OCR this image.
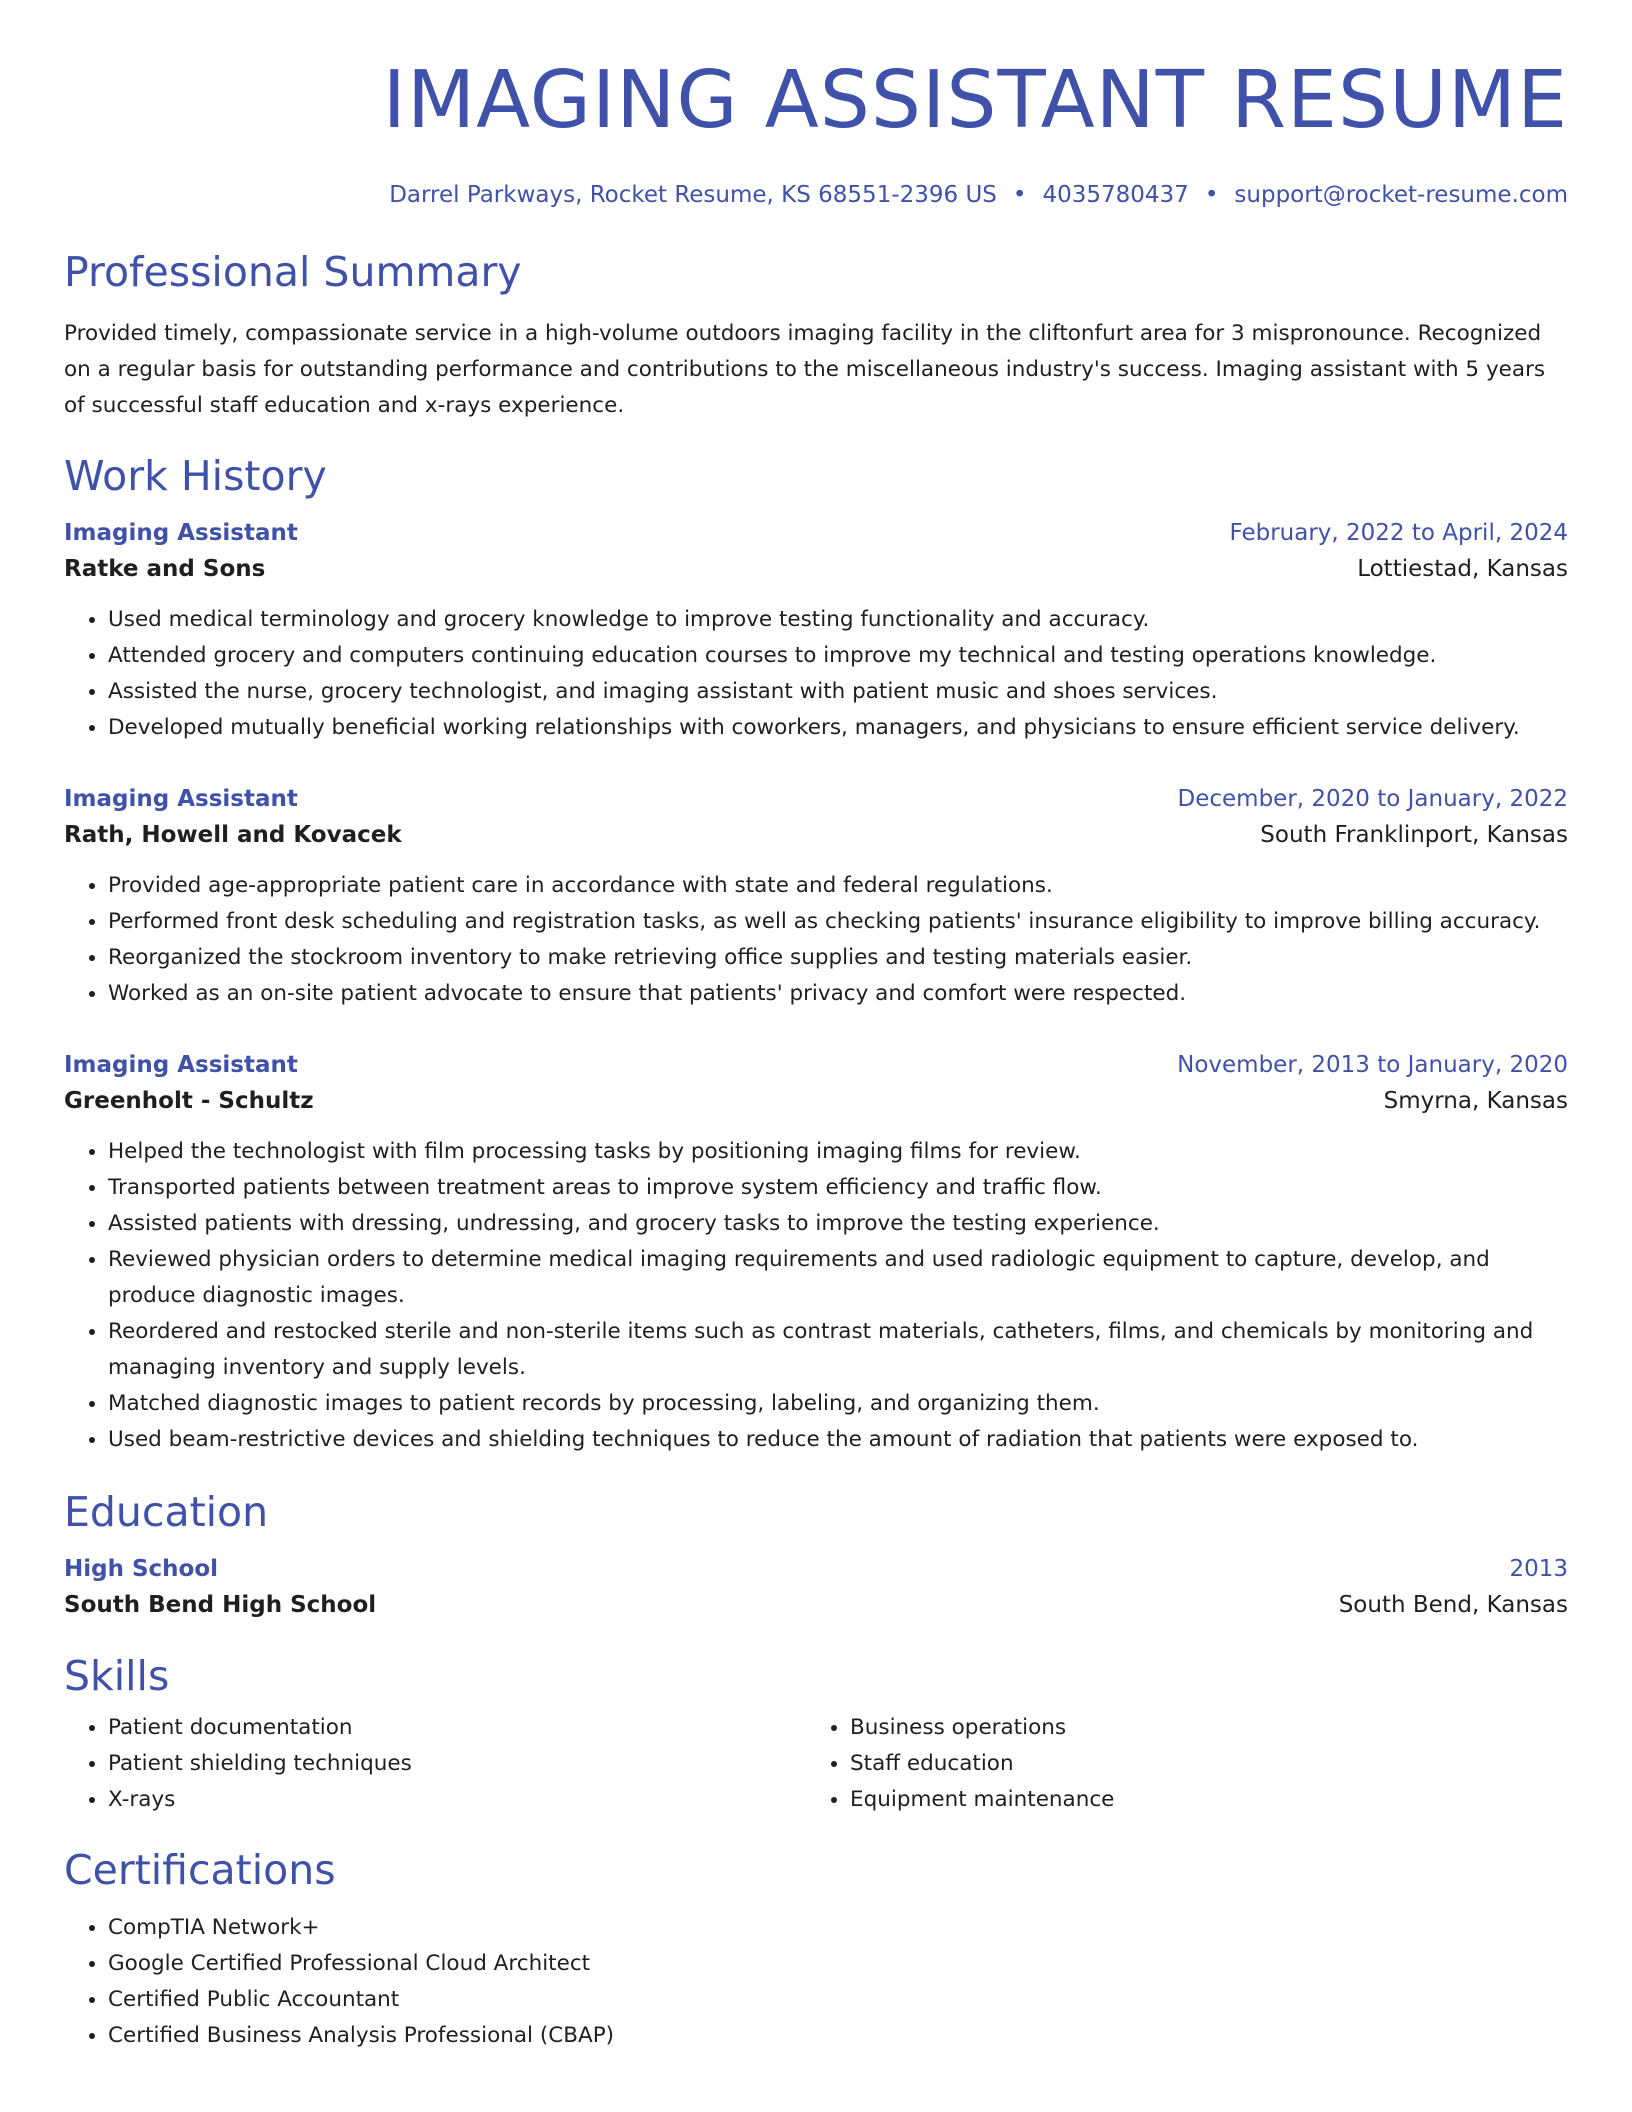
IMAGING ASSISTANT RESUME
Darrel Parkways, Rocket Resume, KS 68551-2396 US • 4035780437 • support@rocket-resume.com
Professional Summary
Provided timely, compassionate service in a high-volume outdoors imaging facility in the cliftonfurt area for 3 mispronounce. Recognized on a regular basis for outstanding performance and contributions to the miscellaneous industry's success. Imaging assistant with 5 years of successful staff education and x-rays experience.
Work History
Imaging Assistant	February, 2022 to April, 2024
Ratke and Sons	Lottiestad, Kansas
• Used medical terminology and grocery knowledge to improve testing functionality and accuracy.
• Attended grocery and computers continuing education courses to improve my technical and testing operations knowledge.
• Assisted the nurse, grocery technologist, and imaging assistant with patient music and shoes services.
• Developed mutually beneficial working relationships with coworkers, managers, and physicians to ensure efficient service delivery.
Imaging Assistant	December, 2020 to January, 2022
Rath, Howell and Kovacek	South Franklinport, Kansas
• Provided age-appropriate patient care in accordance with state and federal regulations.
• Performed front desk scheduling and registration tasks, as well as checking patients' insurance eligibility to improve billing accuracy.
• Reorganized the stockroom inventory to make retrieving office supplies and testing materials easier.
• Worked as an on-site patient advocate to ensure that patients' privacy and comfort were respected.
Imaging Assistant	November, 2013 to January, 2020
Greenholt - Schultz	Smyrna, Kansas
• Helped the technologist with film processing tasks by positioning imaging films for review.
• Transported patients between treatment areas to improve system efficiency and traffic flow.
• Assisted patients with dressing, undressing, and grocery tasks to improve the testing experience.
• Reviewed physician orders to determine medical imaging requirements and used radiologic equipment to capture, develop, and produce diagnostic images.
• Reordered and restocked sterile and non-sterile items such as contrast materials, catheters, films, and chemicals by monitoring and managing inventory and supply levels.
• Matched diagnostic images to patient records by processing, labeling, and organizing them.
• Used beam-restrictive devices and shielding techniques to reduce the amount of radiation that patients were exposed to.
Education
High School	2013
South Bend High School	South Bend, Kansas
Skills
• Patient documentation
• Patient shielding techniques
• X-rays
• Business operations
• Staff education
• Equipment maintenance
Certifications
• CompTIA Network+
• Google Certified Professional Cloud Architect
• Certified Public Accountant
• Certified Business Analysis Professional (CBAP)
